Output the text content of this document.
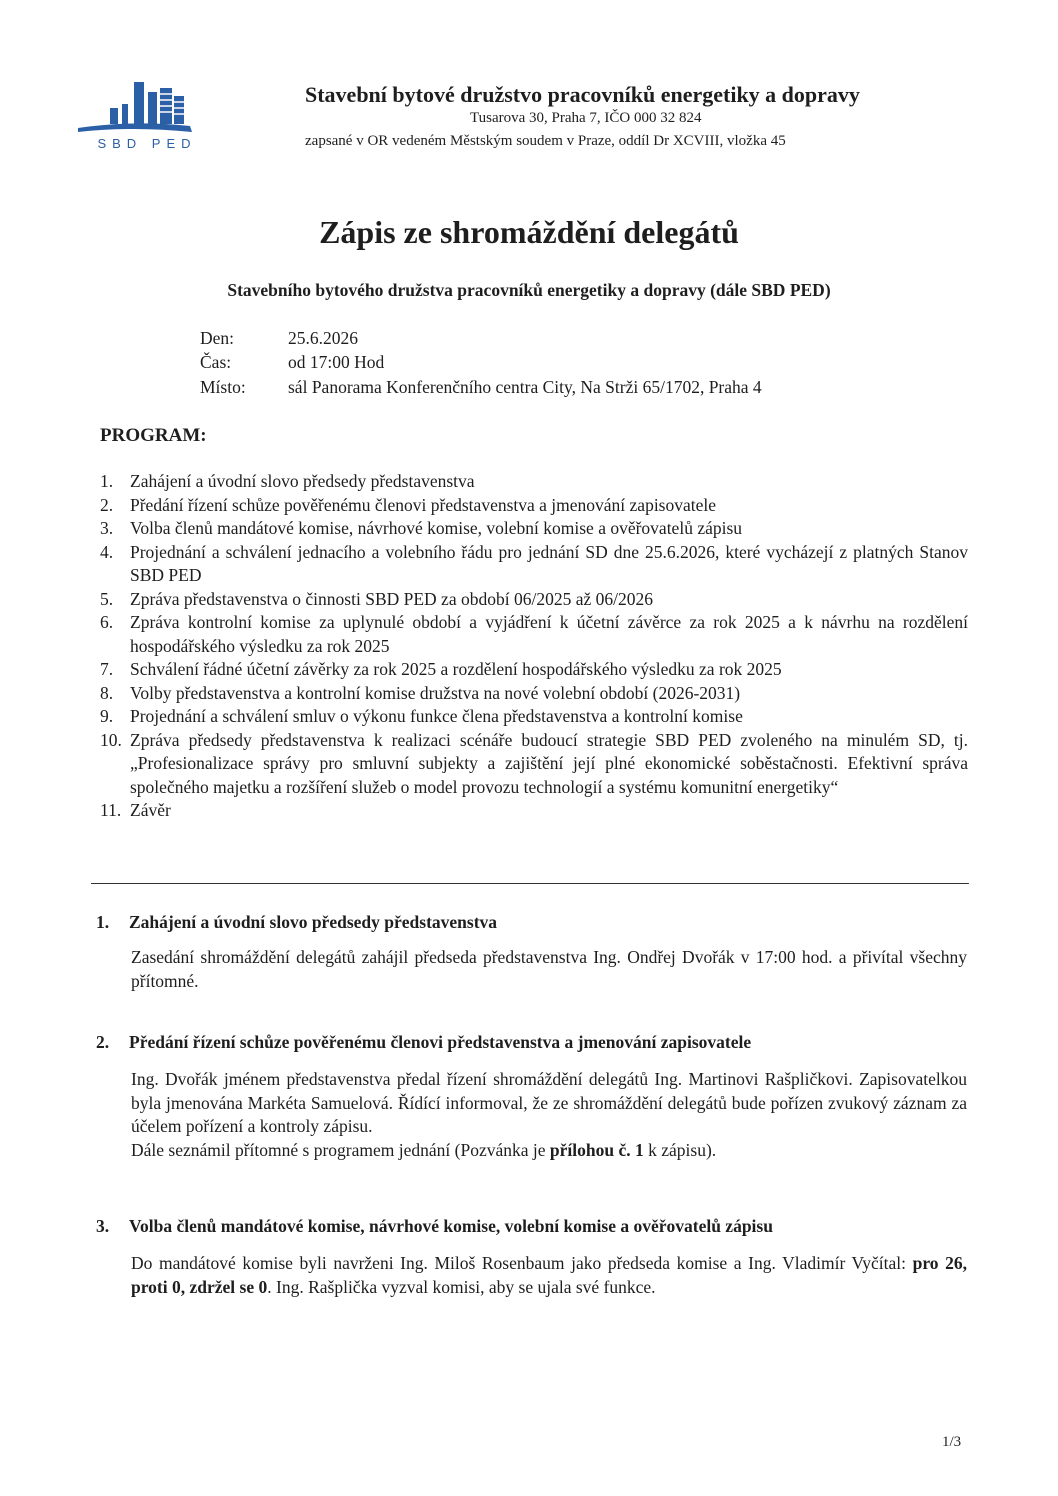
SBD PED
Stavební bytové družstvo pracovníků energetiky a dopravy
Tusarova 30, Praha 7, IČO 000 32 824
zapsané v OR vedeném Městským soudem v Praze, oddíl Dr XCVIII, vložka 45
Zápis ze shromáždění delegátů
Stavebního bytového družstva pracovníků energetiky a dopravy (dále SBD PED)
Den:	25.6.2026
Čas:	od 17:00 Hod
Místo: sál Panorama Konferenčního centra City, Na Strži 65/1702, Praha 4
PROGRAM:
1. Zahájení a úvodní slovo předsedy představenstva
2. Předání řízení schůze pověřenému členovi představenstva a jmenování zapisovatele
3. Volba členů mandátové komise, návrhové komise, volební komise a ověřovatelů zápisu
4. Projednání a schválení jednacího a volebního řádu pro jednání SD dne 25.6.2026, které vycházejí z platných Stanov SBD PED
5. Zpráva představenstva o činnosti SBD PED za období 06/2025 až 06/2026
6. Zpráva kontrolní komise za uplynulé období a vyjádření k účetní závěrce za rok 2025 a k návrhu na rozdělení hospodářského výsledku za rok 2025
7. Schválení řádné účetní závěrky za rok 2025 a rozdělení hospodářského výsledku za rok 2025
8. Volby představenstva a kontrolní komise družstva na nové volební období (2026-2031)
9. Projednání a schválení smluv o výkonu funkce člena představenstva a kontrolní komise
10. Zpráva předsedy představenstva k realizaci scénáře budoucí strategie SBD PED zvoleného na minulém SD, tj. „Profesionalizace správy pro smluvní subjekty a zajištění její plné ekonomické soběstačnosti. Efektivní správa společného majetku a rozšíření služeb o model provozu technologií a systému komunitní energetiky“
11. Závěr
1. Zahájení a úvodní slovo předsedy představenstva
Zasedání shromáždění delegátů zahájil předseda představenstva Ing. Ondřej Dvořák v 17:00 hod. a přivítal všechny přítomné.
2. Předání řízení schůze pověřenému členovi představenstva a jmenování zapisovatele
Ing. Dvořák jménem představenstva předal řízení shromáždění delegátů Ing. Martinovi Rašpličkovi. Zapisovatelkou byla jmenována Markéta Samuelová. Řídící informoval, že ze shromáždění delegátů bude pořízen zvukový záznam za účelem pořízení a kontroly zápisu.
Dále seznámil přítomné s programem jednání (Pozvánka je přílohou č. 1 k zápisu).
3. Volba členů mandátové komise, návrhové komise, volební komise a ověřovatelů zápisu
Do mandátové komise byli navrženi Ing. Miloš Rosenbaum jako předseda komise a Ing. Vladimír Vyčítal: pro 26, proti 0, zdržel se 0. Ing. Rašplička vyzval komisi, aby se ujala své funkce.
1/3
